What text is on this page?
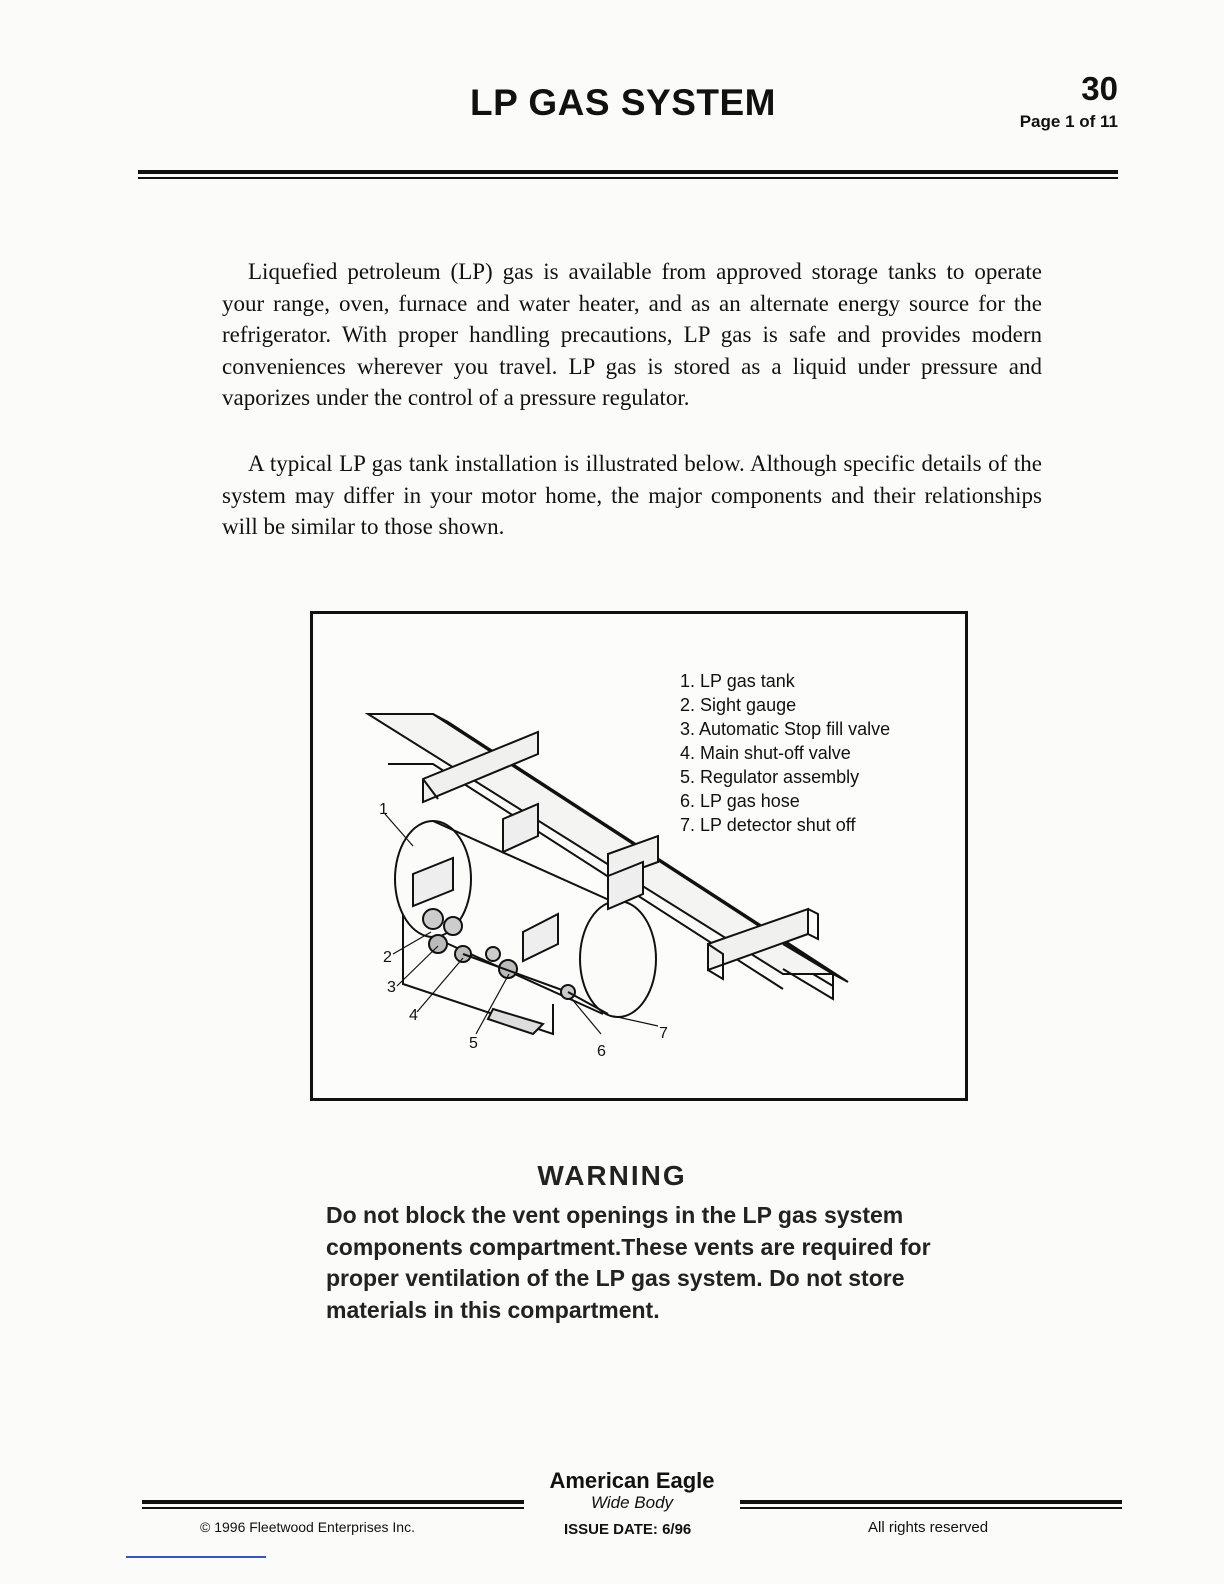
LP GAS SYSTEM	30
Page 1 of 11
Liquefied petroleum (LP) gas is available from approved storage tanks to operate your range, oven, furnace and water heater, and as an alternate energy source for the refrigerator. With proper handling precautions, LP gas is safe and provides modern conveniences wherever you travel. LP gas is stored as a liquid under pressure and vaporizes under the control of a pressure regulator.
A typical LP gas tank installation is illustrated below. Although specific details of the system may differ in your motor home, the major components and their relationships will be similar to those shown.
1
2
3
4
5	6
7
1. LP gas tank
2. Sight gauge
3. Automatic Stop fill valve
4. Main shut-off valve
5. Regulator assembly
6. LP gas hose
7. LP detector shut off
WARNING
Do not block the vent openings in the LP gas system components compartment.These vents are required for proper ventilation of the LP gas system. Do not store materials in this compartment.
American Eagle
Wide Body
© 1996 Fleetwood Enterprises Inc.	ISSUE DATE: 6/96	All rights reserved
